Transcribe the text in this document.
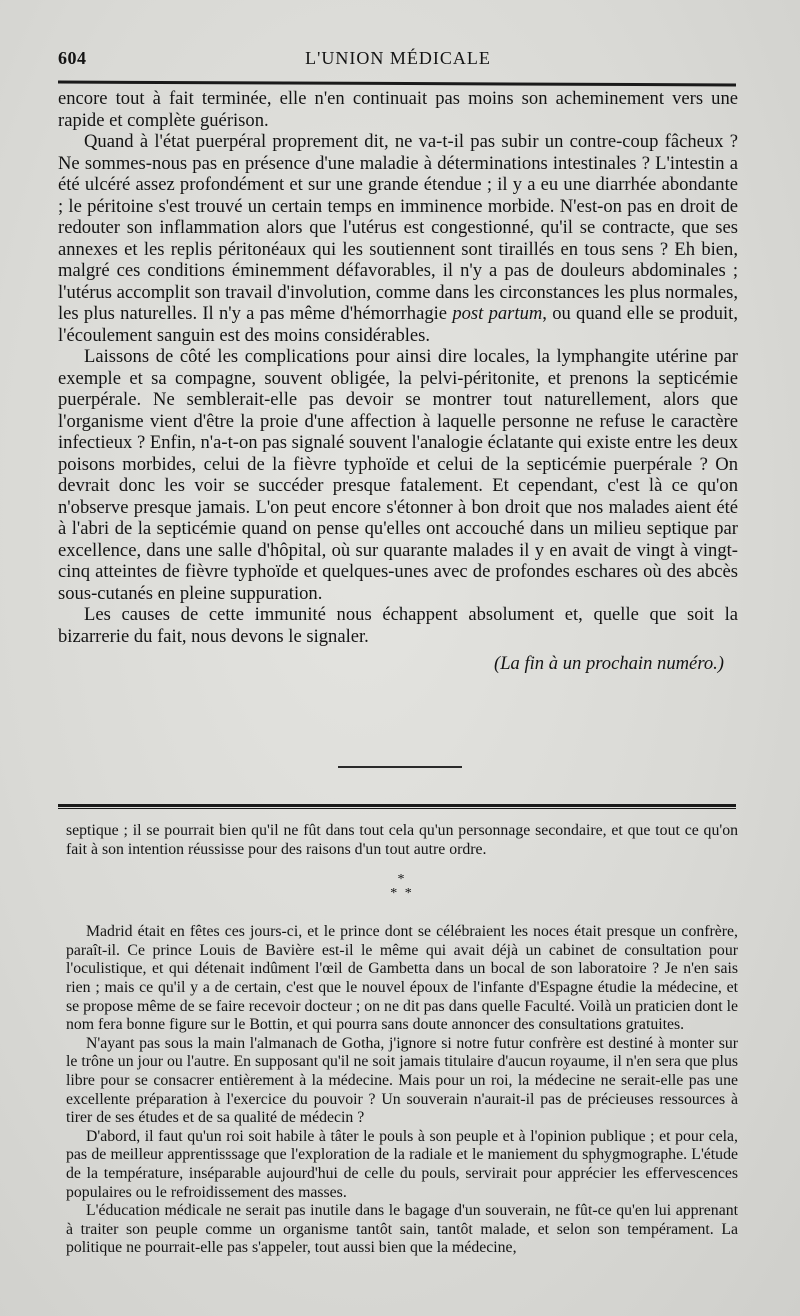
604	L'UNION MÉDICALE

encore tout à fait terminée, elle n'en continuait pas moins son acheminement vers une rapide et complète guérison.

Quand à l'état puerpéral proprement dit, ne va-t-il pas subir un contre-coup fâcheux ? Ne sommes-nous pas en présence d'une maladie à déterminations intestinales ? L'intestin a été ulcéré assez profondément et sur une grande étendue ; il y a eu une diarrhée abondante ; le péritoine s'est trouvé un certain temps en imminence morbide. N'est-on pas en droit de redouter son inflammation alors que l'utérus est congestionné, qu'il se contracte, que ses annexes et les replis péritonéaux qui les soutiennent sont tiraillés en tous sens ? Eh bien, malgré ces conditions éminemment défavorables, il n'y a pas de douleurs abdominales ; l'utérus accomplit son travail d'involution, comme dans les circonstances les plus normales, les plus naturelles. Il n'y a pas même d'hémorrhagie post partum, ou quand elle se produit, l'écoulement sanguin est des moins considérables.

Laissons de côté les complications pour ainsi dire locales, la lymphangite utérine par exemple et sa compagne, souvent obligée, la pelvi-péritonite, et prenons la septicémie puerpérale. Ne semblerait-elle pas devoir se montrer tout naturellement, alors que l'organisme vient d'être la proie d'une affection à laquelle personne ne refuse le caractère infectieux ? Enfin, n'a-t-on pas signalé souvent l'analogie éclatante qui existe entre les deux poisons morbides, celui de la fièvre typhoïde et celui de la septicémie puerpérale ? On devrait donc les voir se succéder presque fatalement. Et cependant, c'est là ce qu'on n'observe presque jamais. L'on peut encore s'étonner à bon droit que nos malades aient été à l'abri de la septicémie quand on pense qu'elles ont accouché dans un milieu septique par excellence, dans une salle d'hôpital, où sur quarante malades il y en avait de vingt à vingt-cinq atteintes de fièvre typhoïde et quelques-unes avec de profondes eschares où des abcès sous-cutanés en pleine suppuration.

Les causes de cette immunité nous échappent absolument et, quelle que soit la bizarrerie du fait, nous devons le signaler.

(La fin à un prochain numéro.)

septique ; il se pourrait bien qu'il ne fût dans tout cela qu'un personnage secondaire, et que tout ce qu'on fait à son intention réussisse pour des raisons d'un tout autre ordre.

*
* *

Madrid était en fêtes ces jours-ci, et le prince dont se célébraient les noces était presque un confrère, paraît-il. Ce prince Louis de Bavière est-il le même qui avait déjà un cabinet de consultation pour l'oculistique, et qui détenait indûment l'œil de Gambetta dans un bocal de son laboratoire ? Je n'en sais rien ; mais ce qu'il y a de certain, c'est que le nouvel époux de l'infante d'Espagne étudie la médecine, et se propose même de se faire recevoir docteur ; on ne dit pas dans quelle Faculté. Voilà un praticien dont le nom fera bonne figure sur le Bottin, et qui pourra sans doute annoncer des consultations gratuites.

N'ayant pas sous la main l'almanach de Gotha, j'ignore si notre futur confrère est destiné à monter sur le trône un jour ou l'autre. En supposant qu'il ne soit jamais titulaire d'aucun royaume, il n'en sera que plus libre pour se consacrer entièrement à la médecine. Mais pour un roi, la médecine ne serait-elle pas une excellente préparation à l'exercice du pouvoir ? Un souverain n'aurait-il pas de précieuses ressources à tirer de ses études et de sa qualité de médecin ?

D'abord, il faut qu'un roi soit habile à tâter le pouls à son peuple et à l'opinion publique ; et pour cela, pas de meilleur apprentisssage que l'exploration de la radiale et le maniement du sphygmographe. L'étude de la température, inséparable aujourd'hui de celle du pouls, servirait pour apprécier les effervescences populaires ou le refroidissement des masses.

L'éducation médicale ne serait pas inutile dans le bagage d'un souverain, ne fût-ce qu'en lui apprenant à traiter son peuple comme un organisme tantôt sain, tantôt malade, et selon son tempérament. La politique ne pourrait-elle pas s'appeler, tout aussi bien que la médecine,
